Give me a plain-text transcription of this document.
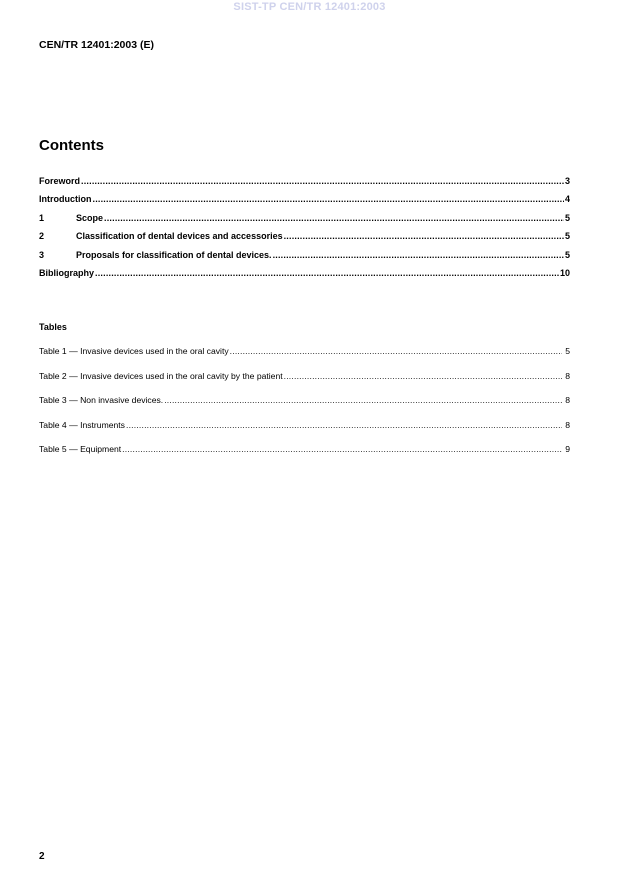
SIST-TP CEN/TR 12401:2003
CEN/TR 12401:2003 (E)
Contents
Foreword .....	3
Introduction .....	4
1	Scope .....	5
2	Classification of dental devices and accessories .....	5
3	Proposals for classification of dental devices. .....	5
Bibliography .....	10
Tables
Table 1 — Invasive devices used in the oral cavity .....	5
Table 2 — Invasive devices used in the oral cavity by the patient .....	8
Table 3 — Non invasive devices. .....	8
Table 4 — Instruments .....	8
Table 5 — Equipment .....	9
2
